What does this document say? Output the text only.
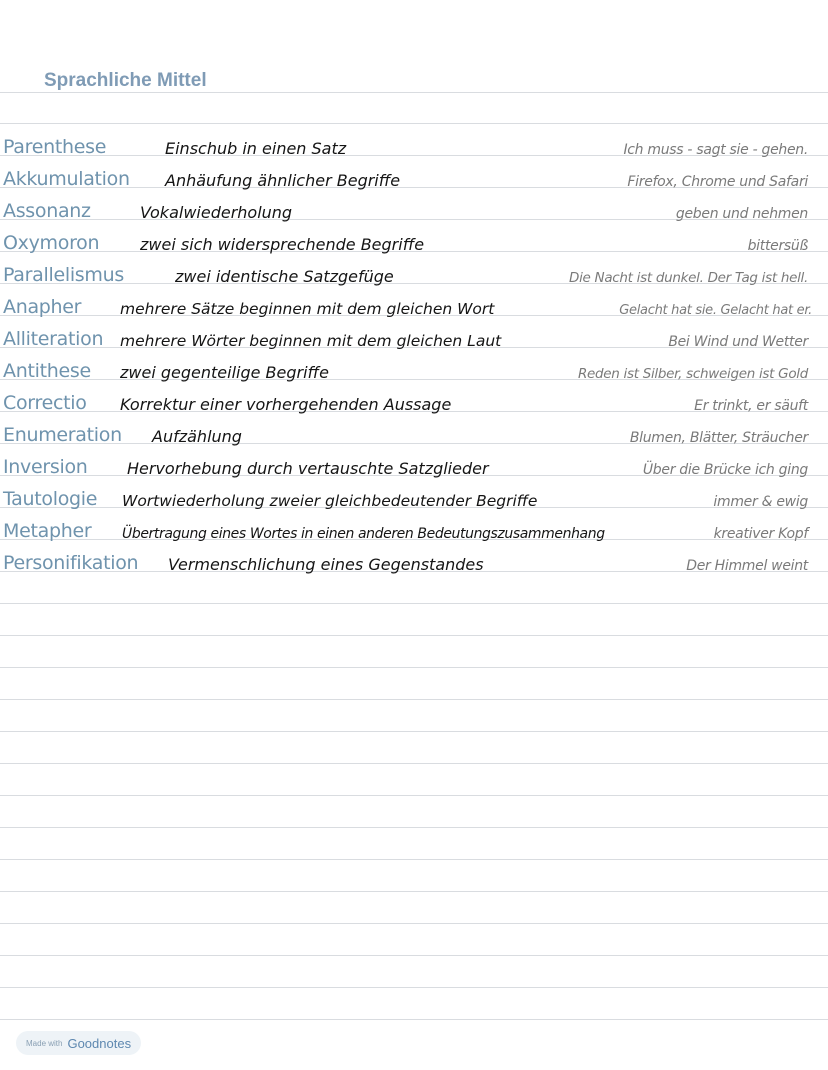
Sprachliche Mittel
Parenthese	Einschub in einen Satz	Ich muss - sagt sie - gehen.
Akkumulation Anhäufung ähnlicher Begriffe	Firefox, Chrome und Safari
Assonanz	Vokalwiederholung	geben und nehmen
Oxymoron	zwei sich widersprechende Begriffe	bittersüß
Parallelismus	zwei identische Satzgefüge	Die Nacht ist dunkel. Der Tag ist hell.
Anapher	mehrere Sätze beginnen mit dem gleichen Wort	Gelacht hat sie. Gelacht hat er.
Alliteration mehrere Wörter beginnen mit dem gleichen Laut	Bei Wind und Wetter
Antithese zwei gegenteilige Begriffe	Reden ist Silber, schweigen ist Gold
Correctio Korrektur einer vorhergehenden Aussage	Er trinkt, er säuft
Enumeration Aufzählung	Blumen, Blätter, Sträucher
Inversion Hervorhebung durch vertauschte Satzglieder	Über die Brücke ich ging
Tautologie Wortwiederholung zweier gleichbedeutender Begriffe	immer & ewig
Metapher Übertragung eines Wortes in einen anderen Bedeutungszusammenhang	kreativer Kopf
Personifikation Vermenschlichung eines Gegenstandes	Der Himmel weint
Made with Goodnotes
